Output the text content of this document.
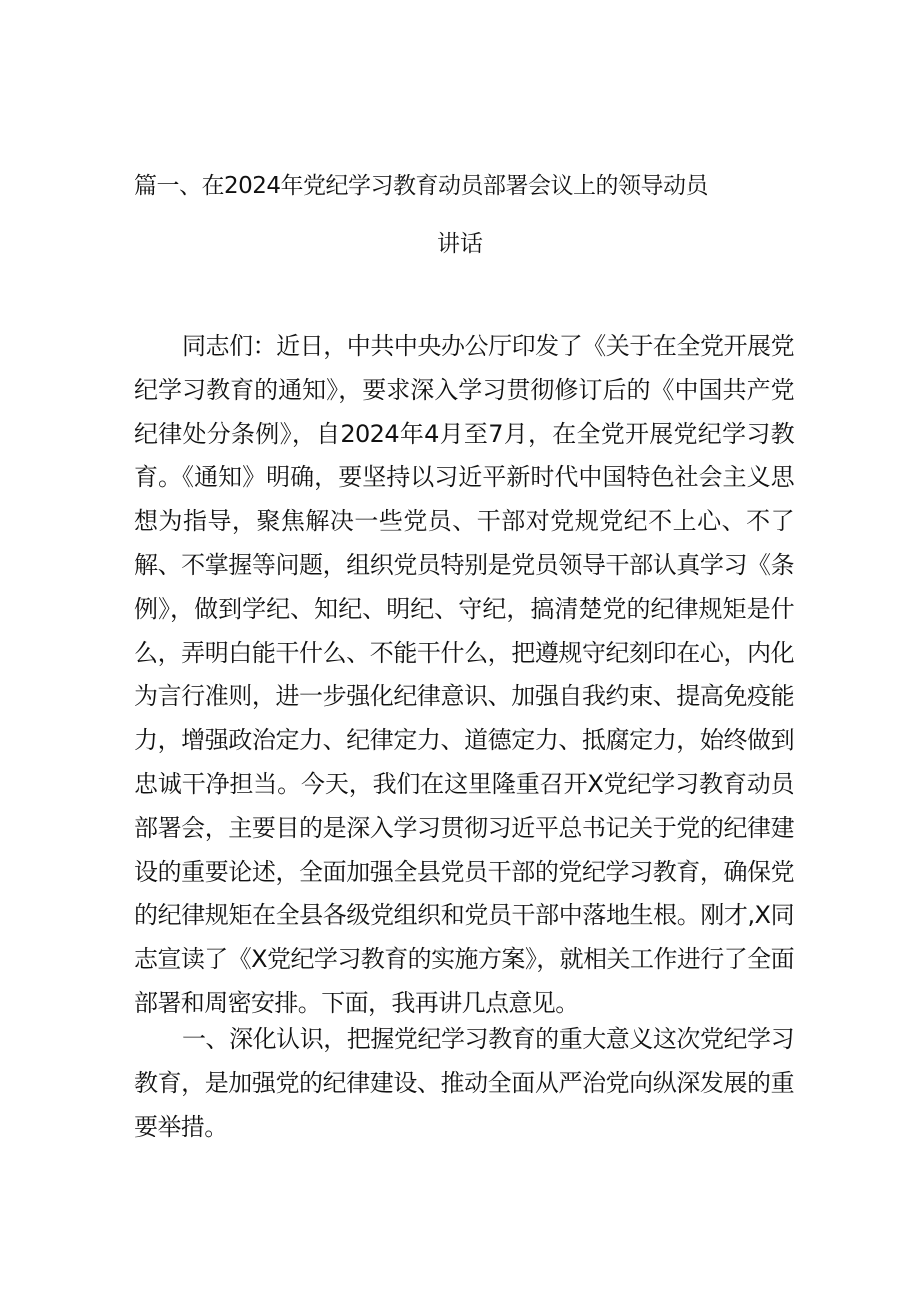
篇一、在2024年党纪学习教育动员部署会议上的领导动员
讲话

同志们：近日，中共中央办公厅印发了《关于在全党开展党纪学习教育的通知》，要求深入学习贯彻修订后的《中国共产党纪律处分条例》，自2024年4月至7月，在全党开展党纪学习教育。《通知》明确，要坚持以习近平新时代中国特色社会主义思想为指导，聚焦解决一些党员、干部对党规党纪不上心、不了解、不掌握等问题，组织党员特别是党员领导干部认真学习《条例》，做到学纪、知纪、明纪、守纪，搞清楚党的纪律规矩是什么，弄明白能干什么、不能干什么，把遵规守纪刻印在心，内化为言行准则，进一步强化纪律意识、加强自我约束、提高免疫能力，增强政治定力、纪律定力、道德定力、抵腐定力，始终做到忠诚干净担当。今天，我们在这里隆重召开X党纪学习教育动员部署会，主要目的是深入学习贯彻习近平总书记关于党的纪律建设的重要论述，全面加强全县党员干部的党纪学习教育，确保党的纪律规矩在全县各级党组织和党员干部中落地生根。刚才,X同志宣读了《X党纪学习教育的实施方案》，就相关工作进行了全面部署和周密安排。下面，我再讲几点意见。

一、深化认识，把握党纪学习教育的重大意义这次党纪学习教育，是加强党的纪律建设、推动全面从严治党向纵深发展的重要举措。
